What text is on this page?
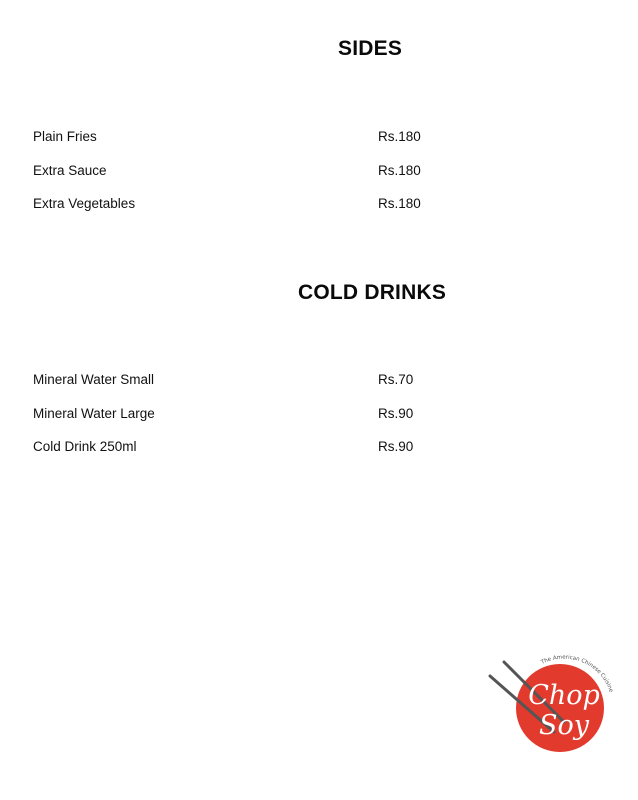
SIDES
Plain Fries	Rs.180
Extra Sauce	Rs.180
Extra Vegetables	Rs.180
COLD DRINKS
Mineral Water Small	Rs.70
Mineral Water Large	Rs.90
Cold Drink 250ml	Rs.90
Chop
Soy
The American Chinese Cuisine
